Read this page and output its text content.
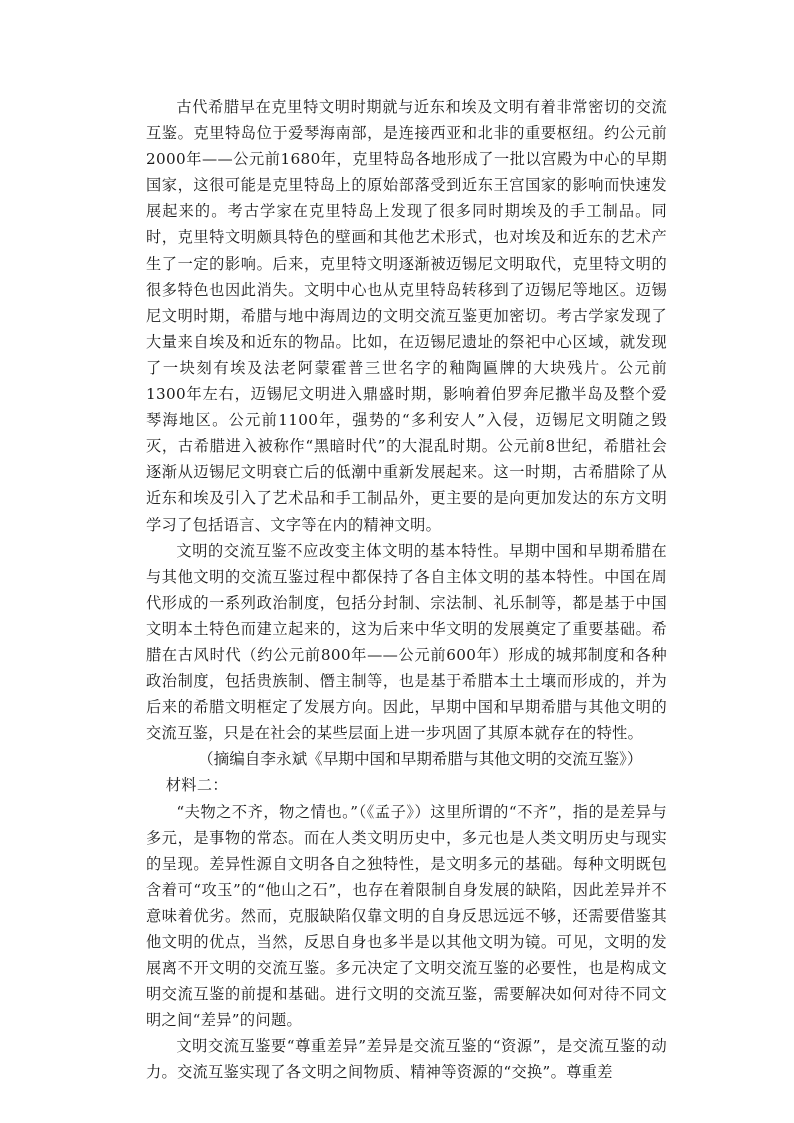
古代希腊早在克里特文明时期就与近东和埃及文明有着非常密切的交流互鉴。克里特岛位于爱琴海南部，是连接西亚和北非的重要枢纽。约公元前2000年——公元前1680年，克里特岛各地形成了一批以宫殿为中心的早期国家，这很可能是克里特岛上的原始部落受到近东王宫国家的影响而快速发展起来的。考古学家在克里特岛上发现了很多同时期埃及的手工制品。同时，克里特文明颇具特色的壁画和其他艺术形式，也对埃及和近东的艺术产生了一定的影响。后来，克里特文明逐渐被迈锡尼文明取代，克里特文明的很多特色也因此消失。文明中心也从克里特岛转移到了迈锡尼等地区。迈锡尼文明时期，希腊与地中海周边的文明交流互鉴更加密切。考古学家发现了大量来自埃及和近东的物品。比如，在迈锡尼遗址的祭祀中心区域，就发现了一块刻有埃及法老阿蒙霍普三世名字的釉陶匾牌的大块残片。公元前1300年左右，迈锡尼文明进入鼎盛时期，影响着伯罗奔尼撒半岛及整个爱琴海地区。公元前1100年，强势的“多利安人”入侵，迈锡尼文明随之毁灭，古希腊进入被称作“黑暗时代”的大混乱时期。公元前8世纪，希腊社会逐渐从迈锡尼文明衰亡后的低潮中重新发展起来。这一时期，古希腊除了从近东和埃及引入了艺术品和手工制品外，更主要的是向更加发达的东方文明学习了包括语言、文字等在内的精神文明。

文明的交流互鉴不应改变主体文明的基本特性。早期中国和早期希腊在与其他文明的交流互鉴过程中都保持了各自主体文明的基本特性。中国在周代形成的一系列政治制度，包括分封制、宗法制、礼乐制等，都是基于中国文明本土特色而建立起来的，这为后来中华文明的发展奠定了重要基础。希腊在古风时代（约公元前800年——公元前600年）形成的城邦制度和各种政治制度，包括贵族制、僭主制等，也是基于希腊本土土壤而形成的，并为后来的希腊文明框定了发展方向。因此，早期中国和早期希腊与其他文明的交流互鉴，只是在社会的某些层面上进一步巩固了其原本就存在的特性。

（摘编自李永斌《早期中国和早期希腊与其他文明的交流互鉴》）

材料二：

“夫物之不齐，物之情也。”（《孟子》）这里所谓的“不齐”，指的是差异与多元，是事物的常态。而在人类文明历史中，多元也是人类文明历史与现实的呈现。差异性源自文明各自之独特性，是文明多元的基础。每种文明既包含着可“攻玉”的“他山之石”，也存在着限制自身发展的缺陷，因此差异并不意味着优劣。然而，克服缺陷仅靠文明的自身反思远远不够，还需要借鉴其他文明的优点，当然，反思自身也多半是以其他文明为镜。可见，文明的发展离不开文明的交流互鉴。多元决定了文明交流互鉴的必要性，也是构成文明交流互鉴的前提和基础。进行文明的交流互鉴，需要解决如何对待不同文明之间“差异”的问题。

文明交流互鉴要“尊重差异”差异是交流互鉴的“资源”，是交流互鉴的动力。交流互鉴实现了各文明之间物质、精神等资源的“交换”。尊重差
